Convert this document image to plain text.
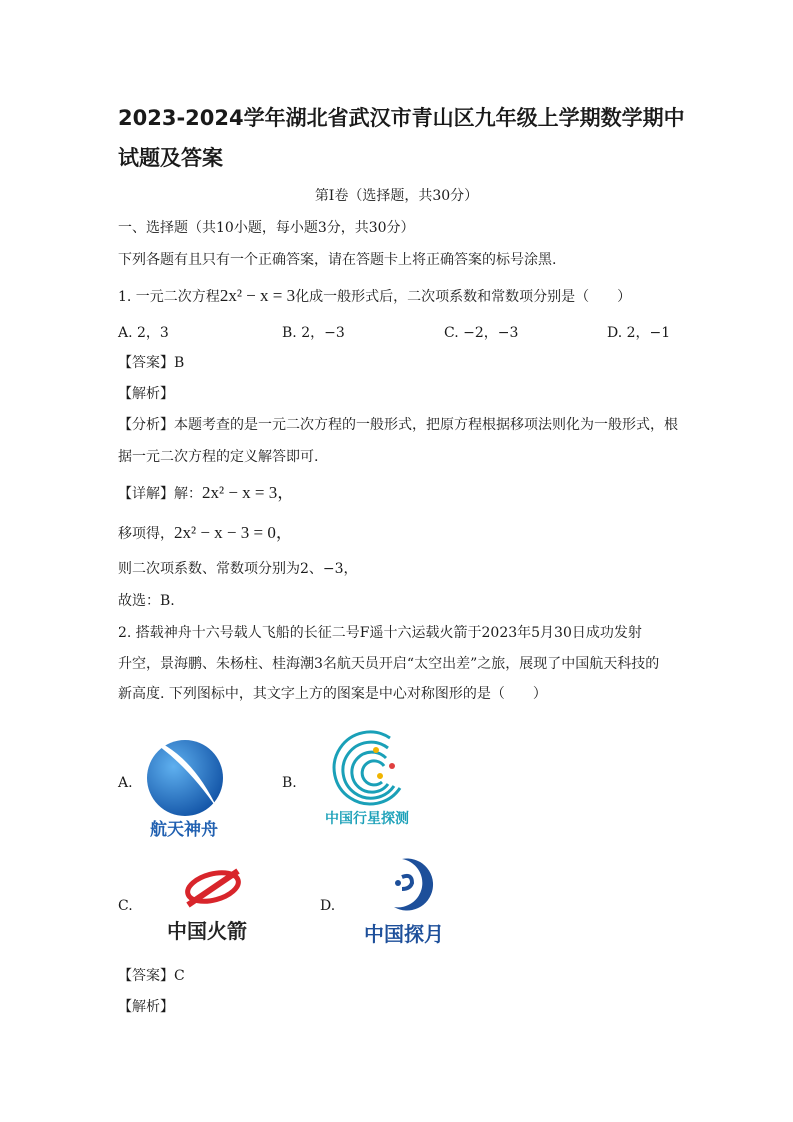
2023-2024学年湖北省武汉市青山区九年级上学期数学期中
试题及答案
第Ⅰ卷（选择题，共30分）
一、选择题（共10小题，每小题3分，共30分）
下列各题有且只有一个正确答案，请在答题卡上将正确答案的标号涂黑.
1. 一元二次方程2x² − x = 3化成一般形式后，二次项系数和常数项分别是（　　）
A. 2，3	B. 2，−3	C. −2，−3	D. 2，−1
【答案】B
【解析】
【分析】本题考查的是一元二次方程的一般形式，把原方程根据移项法则化为一般形式，根
据一元二次方程的定义解答即可.
【详解】解：2x² − x = 3，
移项得，2x² − x − 3 = 0，
则二次项系数、常数项分别为2、−3，
故选：B.
2. 搭载神舟十六号载人飞船的长征二号F遥十六运载火箭于2023年5月30日成功发射
升空，景海鹏、朱杨柱、桂海潮3名航天员开启“太空出差”之旅，展现了中国航天科技的
新高度. 下列图标中，其文字上方的图案是中心对称图形的是（　　）
A.
航天神舟
B.
中国行星探测
C.
中国火箭
D.
中国探月
【答案】C
【解析】
